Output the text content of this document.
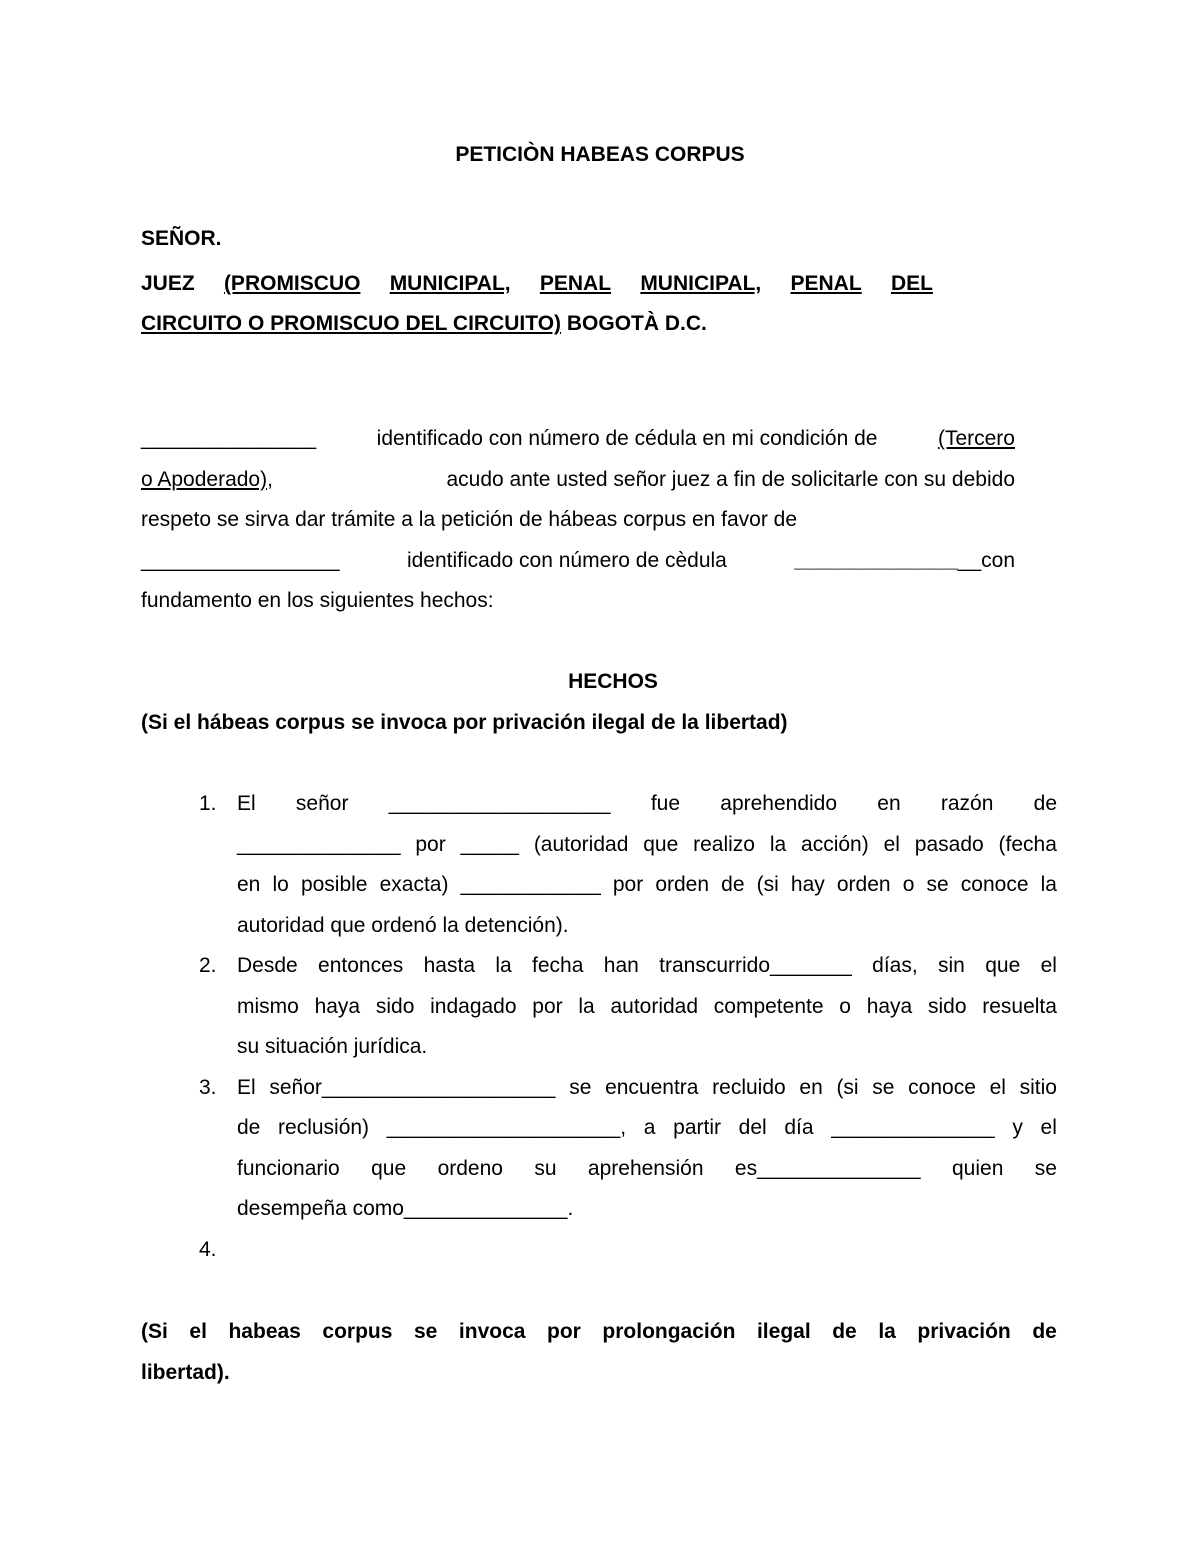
PETICIÒN HABEAS CORPUS
SEÑOR.
JUEZ (PROMISCUO MUNICIPAL, PENAL MUNICIPAL, PENAL DEL
CIRCUITO O PROMISCUO DEL CIRCUITO) BOGOTÀ D.C.
_______________	identificado con número de cédula en mi condición de	(Tercero
o Apoderado),	acudo ante usted señor juez a fin de solicitarle con su debido
respeto se sirva dar trámite a la petición de hábeas corpus en favor de
_________________	identificado con número de cèdula	________________con
fundamento en los siguientes hechos:
HECHOS
(Si el hábeas corpus se invoca por privación ilegal de la libertad)
1. El señor ___________________ fue aprehendido en razón de
______________ por _____ (autoridad que realizo la acción) el pasado (fecha
en lo posible exacta) ____________ por orden de (si hay orden o se conoce la
autoridad que ordenó la detención).
2. Desde entonces hasta la fecha han transcurrido_______ días, sin que el
mismo haya sido indagado por la autoridad competente o haya sido resuelta
su situación jurídica.
3. El señor____________________ se encuentra recluido en (si se conoce el sitio
de reclusión) ____________________, a partir del día ______________ y el
funcionario que ordeno su aprehensión es______________ quien se
desempeña como______________.
4.
(Si el habeas corpus se invoca por prolongación ilegal de la privación de
libertad).
